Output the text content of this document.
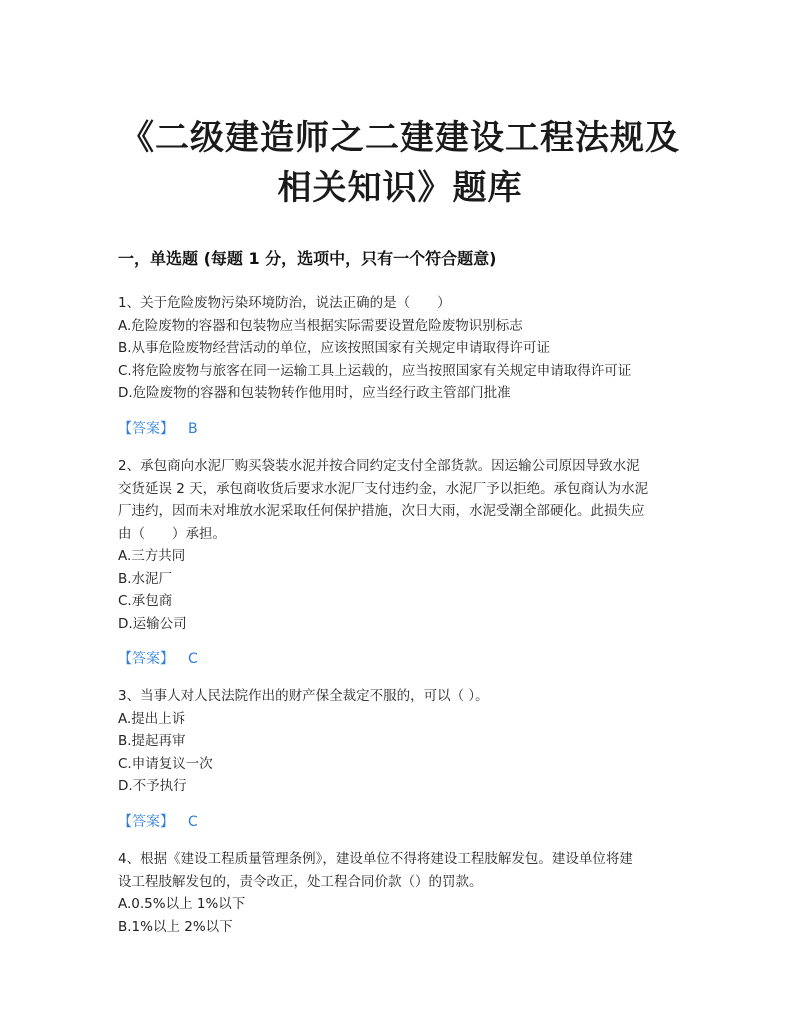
《二级建造师之二建建设工程法规及
相关知识》题库
一，单选题 (每题 1 分，选项中，只有一个符合题意)
1、关于危险废物污染环境防治，说法正确的是（　　）
A.危险废物的容器和包装物应当根据实际需要设置危险废物识别标志
B.从事危险废物经营活动的单位，应该按照国家有关规定申请取得许可证
C.将危险废物与旅客在同一运输工具上运载的，应当按照国家有关规定申请取得许可证
D.危险废物的容器和包装物转作他用时，应当经行政主管部门批准
【答案】 B
2、承包商向水泥厂购买袋装水泥并按合同约定支付全部货款。因运输公司原因导致水泥
交货延误 2 天，承包商收货后要求水泥厂支付违约金，水泥厂予以拒绝。承包商认为水泥
厂违约，因而未对堆放水泥采取任何保护措施，次日大雨，水泥受潮全部硬化。此损失应
由（　　）承担。
A.三方共同
B.水泥厂
C.承包商
D.运输公司
【答案】 C
3、当事人对人民法院作出的财产保全裁定不服的，可以（ ）。
A.提出上诉
B.提起再审
C.申请复议一次
D.不予执行
【答案】 C
4、根据《建设工程质量管理条例》，建设单位不得将建设工程肢解发包。建设单位将建
设工程肢解发包的，责令改正，处工程合同价款（）的罚款。
A.0.5%以上 1%以下
B.1%以上 2%以下
